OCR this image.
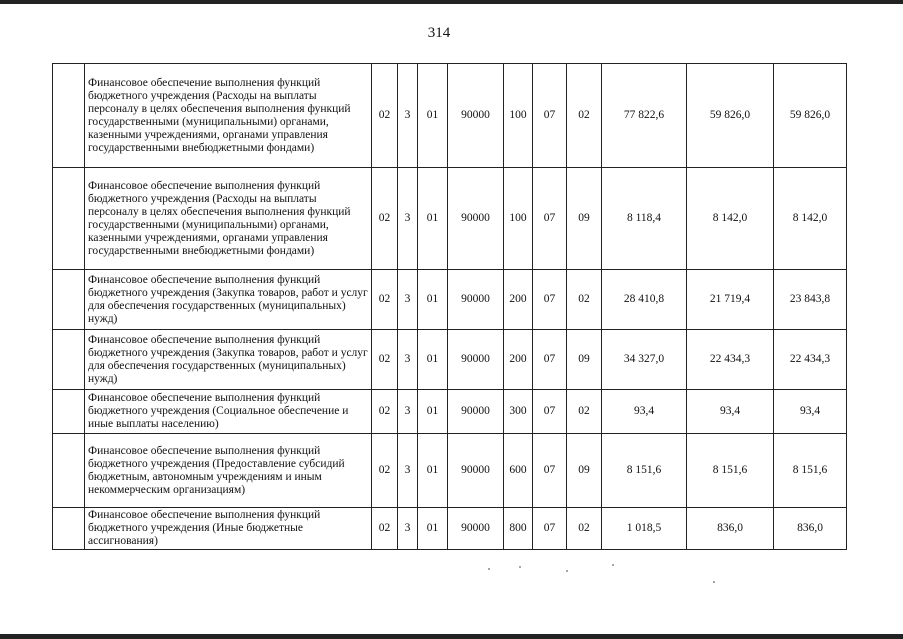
314
	Финансовое обеспечение выполнения функций бюджетного учреждения (Расходы на выплаты персоналу в целях обеспечения выполнения функций государственными (муниципальными) органами, казенными учреждениями, органами управления государственными внебюджетными фондами)	02	3	01	90000	100	07	02	77 822,6	59 826,0	59 826,0
	Финансовое обеспечение выполнения функций бюджетного учреждения (Расходы на выплаты персоналу в целях обеспечения выполнения функций государственными (муниципальными) органами, казенными учреждениями, органами управления государственными внебюджетными фондами)	02	3	01	90000	100	07	09	8 118,4	8 142,0	8 142,0
	Финансовое обеспечение выполнения функций бюджетного учреждения (Закупка товаров, работ и услуг для обеспечения государственных (муниципальных) нужд)	02	3	01	90000	200	07	02	28 410,8	21 719,4	23 843,8
	Финансовое обеспечение выполнения функций бюджетного учреждения (Закупка товаров, работ и услуг для обеспечения государственных (муниципальных) нужд)	02	3	01	90000	200	07	09	34 327,0	22 434,3	22 434,3
	Финансовое обеспечение выполнения функций бюджетного учреждения (Социальное обеспечение и иные выплаты населению)	02	3	01	90000	300	07	02	93,4	93,4	93,4
	Финансовое обеспечение выполнения функций бюджетного учреждения (Предоставление субсидий бюджетным, автономным учреждениям и иным некоммерческим организациям)	02	3	01	90000	600	07	09	8 151,6	8 151,6	8 151,6
	Финансовое обеспечение выполнения функций бюджетного учреждения (Иные бюджетные ассигнования)	02	3	01	90000	800	07	02	1 018,5	836,0	836,0
